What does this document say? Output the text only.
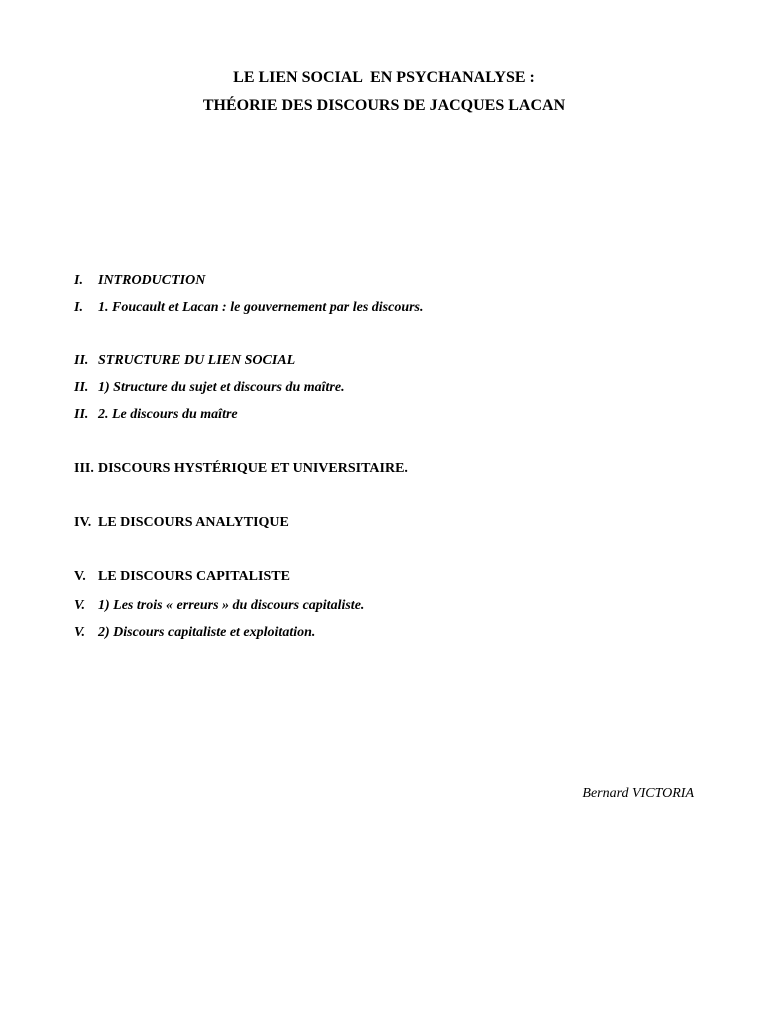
LE LIEN SOCIAL  EN PSYCHANALYSE :
THÉORIE DES DISCOURS DE JACQUES LACAN
I. INTRODUCTION
I. 1. Foucault et Lacan : le gouvernement par les discours.
II. STRUCTURE DU LIEN SOCIAL
II. 1) Structure du sujet et discours du maître.
II. 2. Le discours du maître
III. DISCOURS HYSTÉRIQUE ET UNIVERSITAIRE.
IV. LE DISCOURS ANALYTIQUE
V. LE DISCOURS CAPITALISTE
V. 1) Les trois « erreurs » du discours capitaliste.
V. 2) Discours capitaliste et exploitation.
Bernard VICTORIA
